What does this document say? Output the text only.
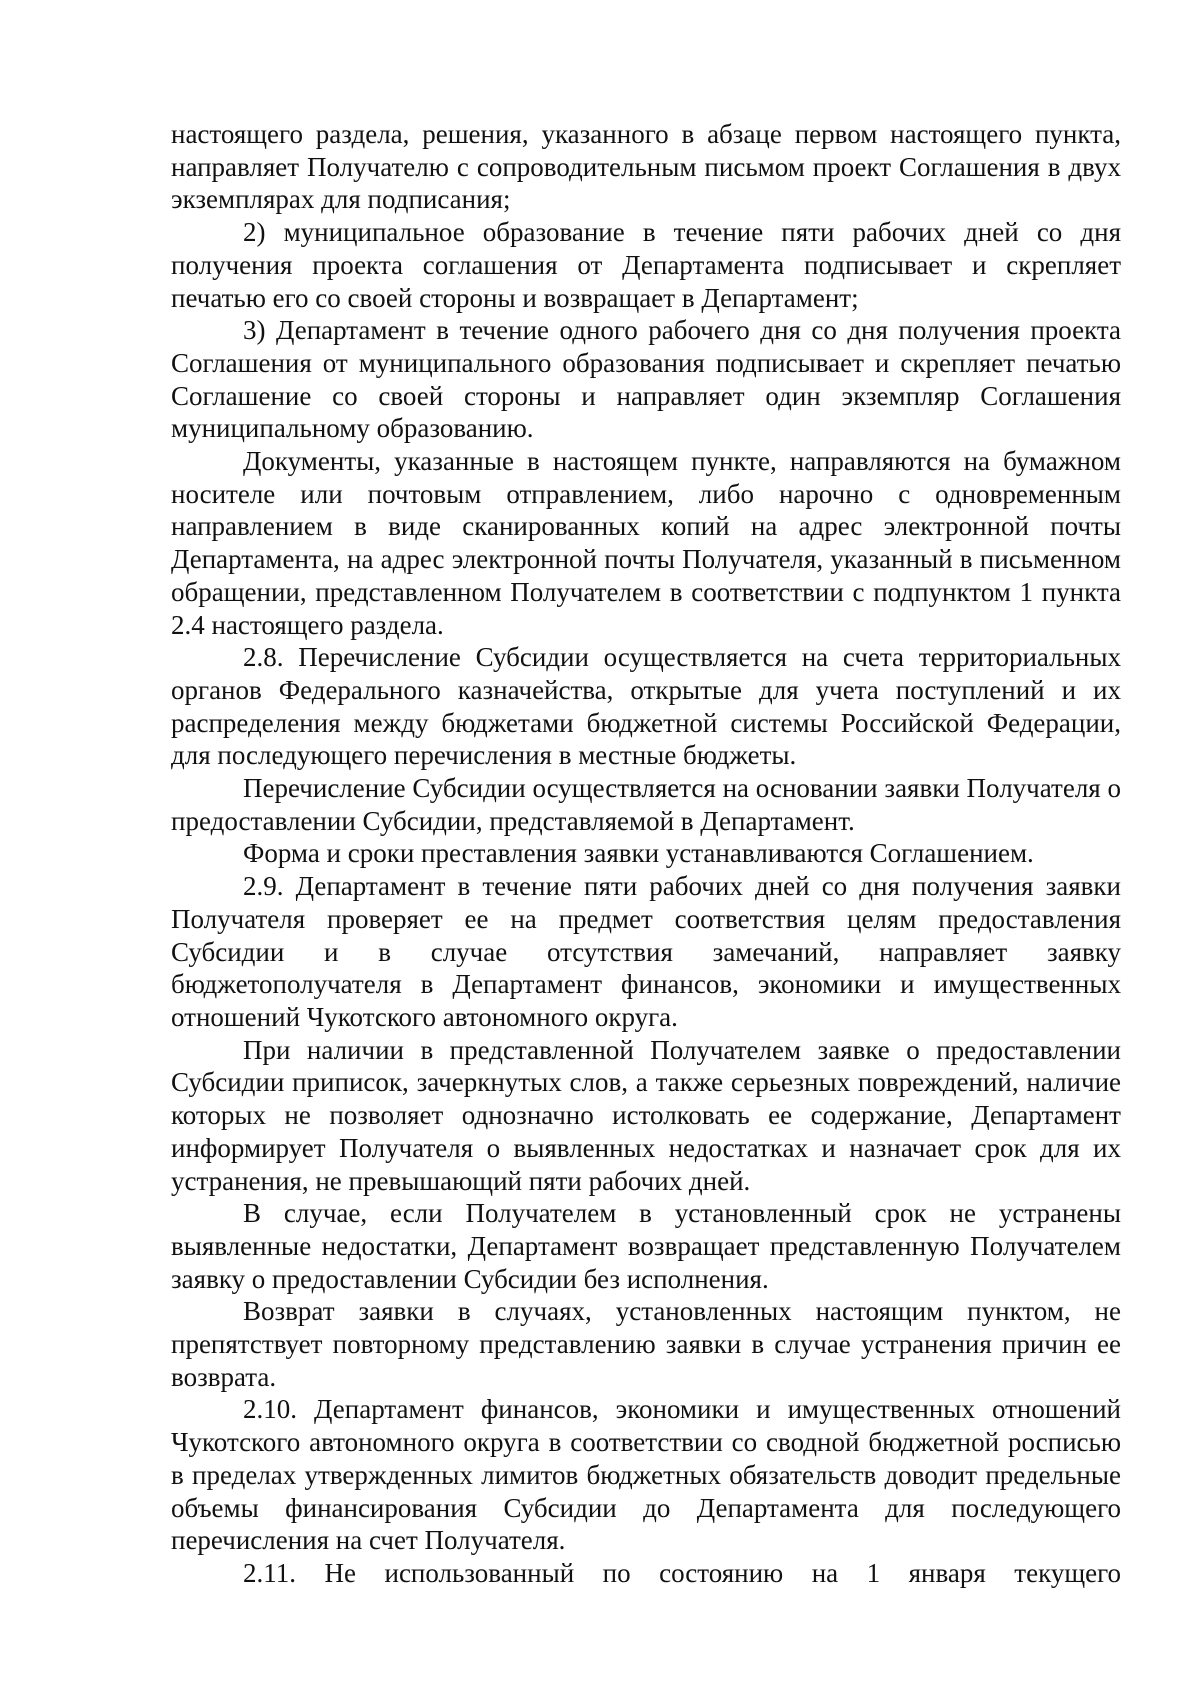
настоящего раздела, решения, указанного в абзаце первом настоящего пункта, направляет Получателю с сопроводительным письмом проект Соглашения в двух экземплярах для подписания;

2) муниципальное образование в течение пяти рабочих дней со дня получения проекта соглашения от Департамента подписывает и скрепляет печатью его со своей стороны и возвращает в Департамент;

3) Департамент в течение одного рабочего дня со дня получения проекта Соглашения от муниципального образования подписывает и скрепляет печатью Соглашение со своей стороны и направляет один экземпляр Соглашения муниципальному образованию.

Документы, указанные в настоящем пункте, направляются на бумажном носителе или почтовым отправлением, либо нарочно с одновременным направлением в виде сканированных копий на адрес электронной почты Департамента, на адрес электронной почты Получателя, указанный в письменном обращении, представленном Получателем в соответствии с подпунктом 1 пункта 2.4 настоящего раздела.

2.8. Перечисление Субсидии осуществляется на счета территориальных органов Федерального казначейства, открытые для учета поступлений и их распределения между бюджетами бюджетной системы Российской Федерации, для последующего перечисления в местные бюджеты.

Перечисление Субсидии осуществляется на основании заявки Получателя о предоставлении Субсидии, представляемой в Департамент.

Форма и сроки преставления заявки устанавливаются Соглашением.

2.9. Департамент в течение пяти рабочих дней со дня получения заявки Получателя проверяет ее на предмет соответствия целям предоставления Субсидии и в случае отсутствия замечаний, направляет заявку бюджетополучателя в Департамент финансов, экономики и имущественных отношений Чукотского автономного округа.

При наличии в представленной Получателем заявке о предоставлении Субсидии приписок, зачеркнутых слов, а также серьезных повреждений, наличие которых не позволяет однозначно истолковать ее содержание, Департамент информирует Получателя о выявленных недостатках и назначает срок для их устранения, не превышающий пяти рабочих дней.

В случае, если Получателем в установленный срок не устранены выявленные недостатки, Департамент возвращает представленную Получателем заявку о предоставлении Субсидии без исполнения.

Возврат заявки в случаях, установленных настоящим пунктом, не препятствует повторному представлению заявки в случае устранения причин ее возврата.

2.10. Департамент финансов, экономики и имущественных отношений Чукотского автономного округа в соответствии со сводной бюджетной росписью в пределах утвержденных лимитов бюджетных обязательств доводит предельные объемы финансирования Субсидии до Департамента для последующего перечисления на счет Получателя.

2.11. Не использованный по состоянию на 1 января текущего
